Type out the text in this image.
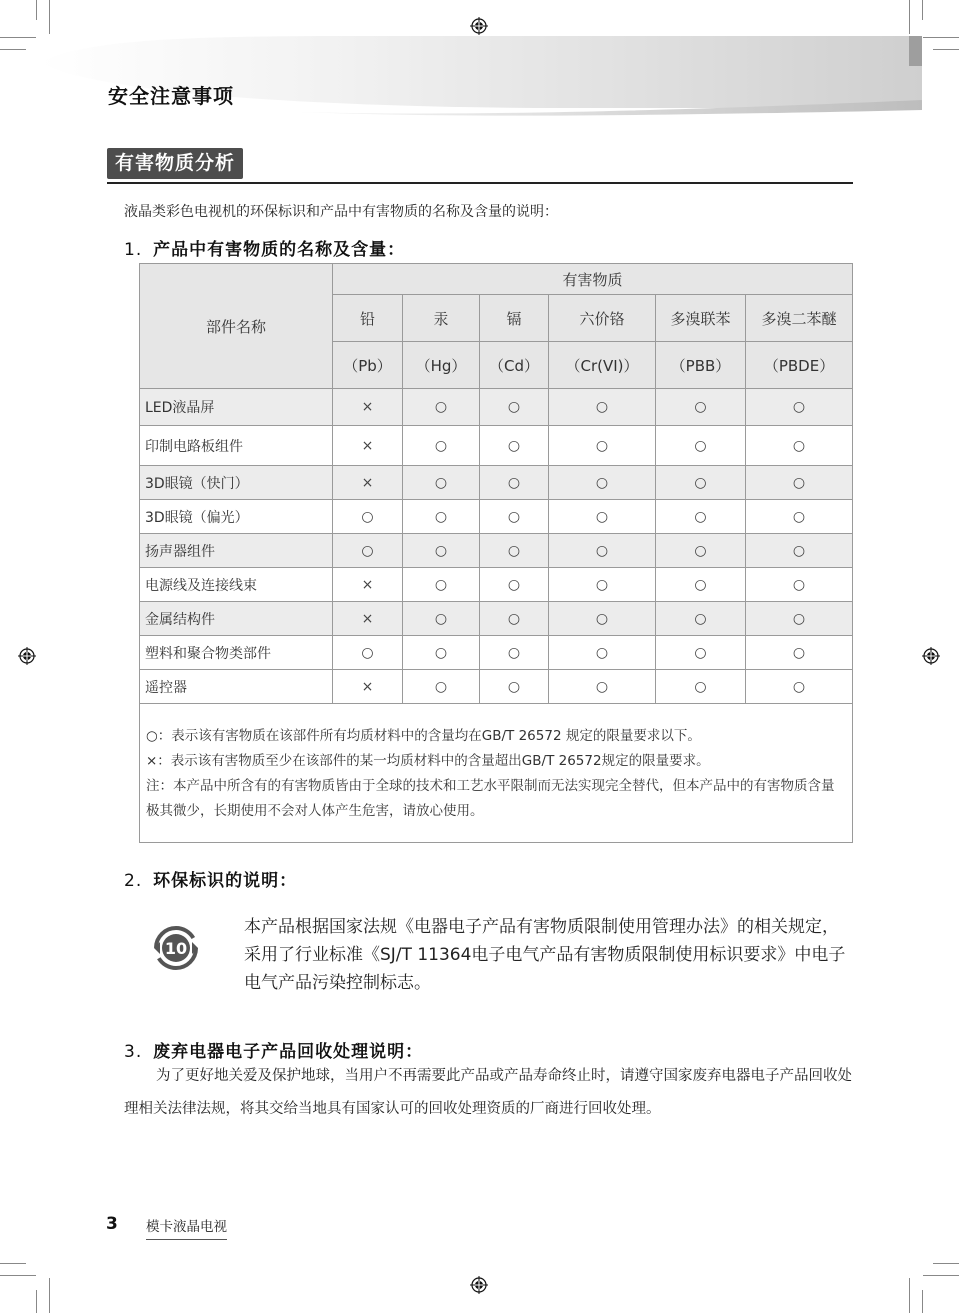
安全注意事项
有害物质分析
液晶类彩色电视机的环保标识和产品中有害物质的名称及含量的说明：
1. 产品中有害物质的名称及含量：
部件名称	有害物质					
	铅	汞	镉	六价铬	多溴联苯	多溴二苯醚
	（Pb）	（Hg）	（Cd）	（Cr(VI)）	（PBB）	（PBDE）
LED液晶屏	×	○	○	○	○	○
印制电路板组件	×	○	○	○	○	○
3D眼镜（快门）	×	○	○	○	○	○
3D眼镜（偏光）	○	○	○	○	○	○
扬声器组件	○	○	○	○	○	○
电源线及连接线束	×	○	○	○	○	○
金属结构件	×	○	○	○	○	○
塑料和聚合物类部件	○	○	○	○	○	○
遥控器	×	○	○	○	○	○

○：表示该有害物质在该部件所有均质材料中的含量均在GB/T 26572 规定的限量要求以下。
×：表示该有害物质至少在该部件的某一均质材料中的含量超出GB/T 26572规定的限量要求。
注：本产品中所含有的有害物质皆由于全球的技术和工艺水平限制而无法实现完全替代，但本产品中的有害物质含量极其微少，长期使用不会对人体产生危害，请放心使用。						
2. 环保标识的说明：
10
本产品根据国家法规《电器电子产品有害物质限制使用管理办法》的相关规定，采用了行业标准《SJ/T 11364电子电气产品有害物质限制使用标识要求》中电子电气产品污染控制标志。
3. 废弃电器电子产品回收处理说明：
为了更好地关爱及保护地球，当用户不再需要此产品或产品寿命终止时，请遵守国家废弃电器电子产品回收处理相关法律法规，将其交给当地具有国家认可的回收处理资质的厂商进行回收处理。
3 模卡液晶电视
